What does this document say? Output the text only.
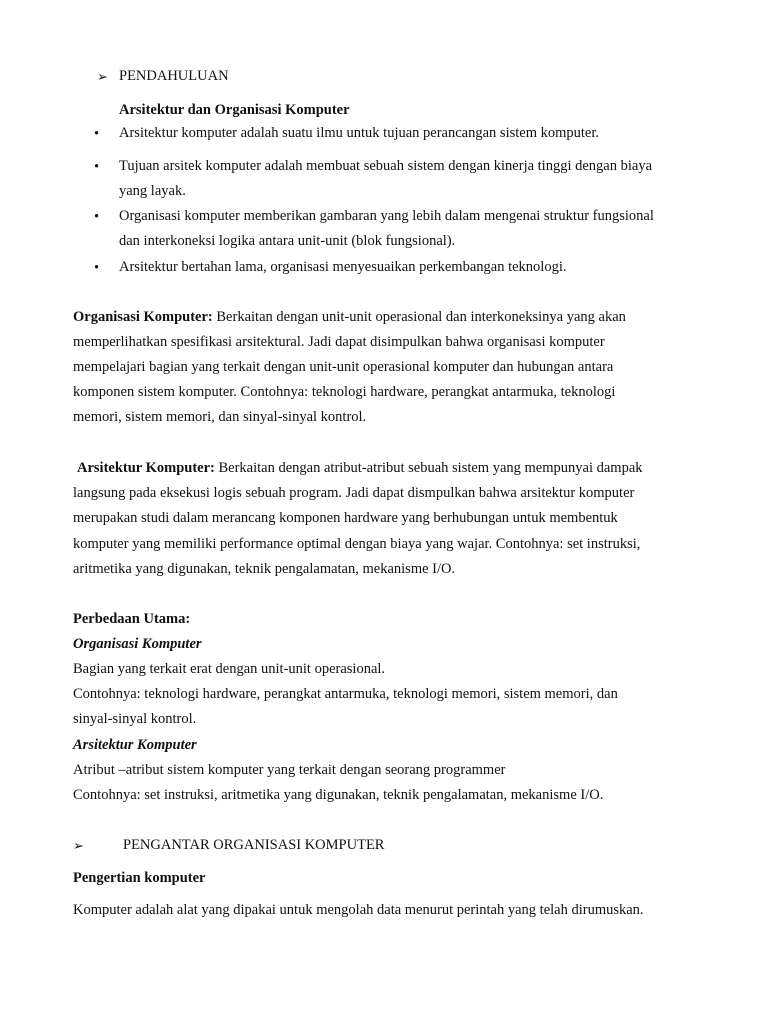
➢ PENDAHULUAN
Arsitektur dan Organisasi Komputer
• Arsitektur komputer adalah suatu ilmu untuk tujuan perancangan sistem komputer.
• Tujuan arsitek komputer adalah membuat sebuah sistem dengan kinerja tinggi dengan biaya
yang layak.
• Organisasi komputer memberikan gambaran yang lebih dalam mengenai struktur fungsional
dan interkoneksi logika antara unit-unit (blok fungsional).
• Arsitektur bertahan lama, organisasi menyesuaikan perkembangan teknologi.
Organisasi Komputer: Berkaitan dengan unit-unit operasional dan interkoneksinya yang akan
memperlihatkan spesifikasi arsitektural. Jadi dapat disimpulkan bahwa organisasi komputer
mempelajari bagian yang terkait dengan unit-unit operasional komputer dan hubungan antara
komponen sistem komputer. Contohnya: teknologi hardware, perangkat antarmuka, teknologi
memori, sistem memori, dan sinyal-sinyal kontrol.
Arsitektur Komputer: Berkaitan dengan atribut-atribut sebuah sistem yang mempunyai dampak
langsung pada eksekusi logis sebuah program. Jadi dapat dismpulkan bahwa arsitektur komputer
merupakan studi dalam merancang komponen hardware yang berhubungan untuk membentuk
komputer yang memiliki performance optimal dengan biaya yang wajar. Contohnya: set instruksi,
aritmetika yang digunakan, teknik pengalamatan, mekanisme I/O.
Perbedaan Utama:
Organisasi Komputer
Bagian yang terkait erat dengan unit-unit operasional.
Contohnya: teknologi hardware, perangkat antarmuka, teknologi memori, sistem memori, dan
sinyal-sinyal kontrol.
Arsitektur Komputer
Atribut –atribut sistem komputer yang terkait dengan seorang programmer
Contohnya: set instruksi, aritmetika yang digunakan, teknik pengalamatan, mekanisme I/O.
➢	PENGANTAR ORGANISASI KOMPUTER
Pengertian komputer
Komputer adalah alat yang dipakai untuk mengolah data menurut perintah yang telah dirumuskan.
